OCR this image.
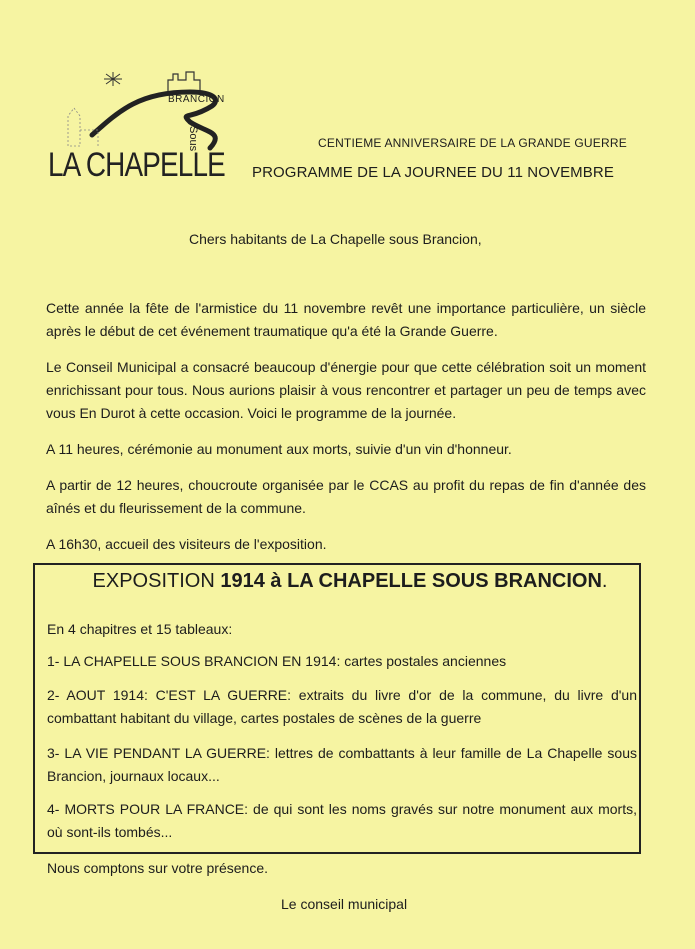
BRANCION
Sous
LA CHAPELLE
CENTIEME ANNIVERSAIRE DE LA GRANDE GUERRE
PROGRAMME DE LA JOURNEE DU 11 NOVEMBRE
Chers habitants de La Chapelle sous Brancion,
Cette année la fête de l'armistice du 11 novembre revêt une importance particulière, un siècle après le début de cet événement traumatique qu'a été la Grande Guerre.
Le Conseil Municipal a consacré beaucoup d'énergie pour que cette célébration soit un moment enrichissant pour tous. Nous aurions plaisir à vous rencontrer et partager un peu de temps avec vous En Durot à cette occasion. Voici le programme de la journée.
A 11 heures, cérémonie au monument aux morts, suivie d'un vin d'honneur.
A partir de 12 heures, choucroute organisée par le CCAS au profit du repas de fin d'année des aînés et du fleurissement de la commune.
A 16h30, accueil des visiteurs de l'exposition.
EXPOSITION 1914 à LA CHAPELLE SOUS BRANCION.
En 4 chapitres et 15 tableaux:
1- LA CHAPELLE SOUS BRANCION EN 1914: cartes postales anciennes
2- AOUT 1914: C'EST LA GUERRE: extraits du livre d'or de la commune, du livre d'un combattant habitant du village, cartes postales de scènes de la guerre
3- LA VIE PENDANT LA GUERRE: lettres de combattants à leur famille de La Chapelle sous Brancion, journaux locaux...
4- MORTS POUR LA FRANCE: de qui sont les noms gravés sur notre monument aux morts, où sont-ils tombés...
Nous comptons sur votre présence.
Le conseil municipal
